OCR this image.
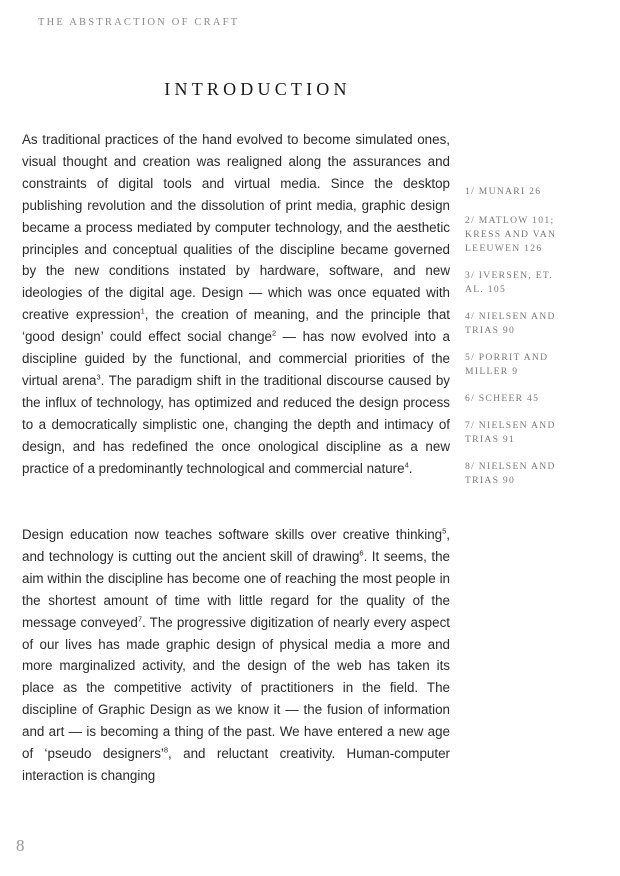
THE ABSTRACTION OF CRAFT
INTRODUCTION

As traditional practices of the hand evolved to become simulated ones, visual thought and creation was realigned along the assurances and constraints of digital tools and virtual media. Since the desktop publishing revolution and the dissolution of print media, graphic design became a process mediated by computer technology, and the aesthetic principles and conceptual qualities of the discipline became governed by the new conditions instated by hardware, software, and new ideologies of the digital age. Design — which was once equated with creative expression$^1$, the creation of meaning, and the principle that ‘good design’ could effect social change$^2$ — has now evolved into a discipline guided by the functional, and commercial priorities of the virtual arena$^3$. The paradigm shift in the traditional discourse caused by the influx of technology, has optimized and reduced the design process to a democratically simplistic one, changing the depth and intimacy of design, and has redefined the once onological discipline as a new practice of a predominantly technological and commercial nature$^4$.

Design education now teaches software skills over creative thinking$^5$, and technology is cutting out the ancient skill of drawing$^6$. It seems, the aim within the discipline has become one of reaching the most people in the shortest amount of time with little regard for the quality of the message conveyed$^7$. The progressive digitization of nearly every aspect of our lives has made graphic design of physical media a more and more marginalized activity, and the design of the web has taken its place as the competitive activity of practitioners in the field. The discipline of Graphic Design as we know it — the fusion of information and art — is becoming a thing of the past. We have entered a new age of ‘pseudo designers’$^8$, and reluctant creativity. Human-computer interaction is changing

1/ MUNARI 26
2/ MATLOW 101; KRESS AND VAN LEEUWEN 126
3/ IVERSEN, ET. AL. 105
4/ NIELSEN AND TRIAS 90
5/ PORRIT AND MILLER 9
6/ SCHEER 45
7/ NIELSEN AND TRIAS 91
8/ NIELSEN AND TRIAS 90
8
